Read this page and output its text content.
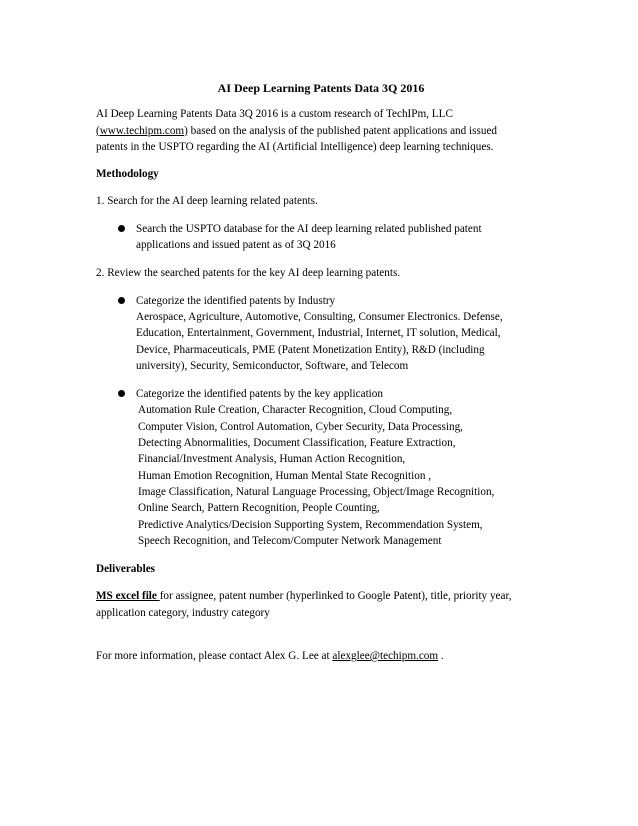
AI Deep Learning Patents Data 3Q 2016
AI Deep Learning Patents Data 3Q 2016 is a custom research of TechIPm, LLC
(www.techipm.com) based on the analysis of the published patent applications and issued
patents in the USPTO regarding the AI (Artificial Intelligence) deep learning techniques.
Methodology
1. Search for the AI deep learning related patents.
Search the USPTO database for the AI deep learning related published patent
applications and issued patent as of 3Q 2016
2. Review the searched patents for the key AI deep learning patents.
Categorize the identified patents by Industry
Aerospace, Agriculture, Automotive, Consulting, Consumer Electronics. Defense,
Education, Entertainment, Government, Industrial, Internet, IT solution, Medical,
Device, Pharmaceuticals, PME (Patent Monetization Entity), R&D (including
university), Security, Semiconductor, Software, and Telecom
Categorize the identified patents by the key application
Automation Rule Creation, Character Recognition, Cloud Computing,
Computer Vision, Control Automation, Cyber Security, Data Processing,
Detecting Abnormalities, Document Classification, Feature Extraction,
Financial/Investment Analysis, Human Action Recognition,
Human Emotion Recognition, Human Mental State Recognition ,
Image Classification, Natural Language Processing, Object/Image Recognition,
Online Search, Pattern Recognition, People Counting,
Predictive Analytics/Decision Supporting System, Recommendation System,
Speech Recognition, and Telecom/Computer Network Management
Deliverables
MS excel file for assignee, patent number (hyperlinked to Google Patent), title, priority year,
application category, industry category
For more information, please contact Alex G. Lee at alexglee@techipm.com .
